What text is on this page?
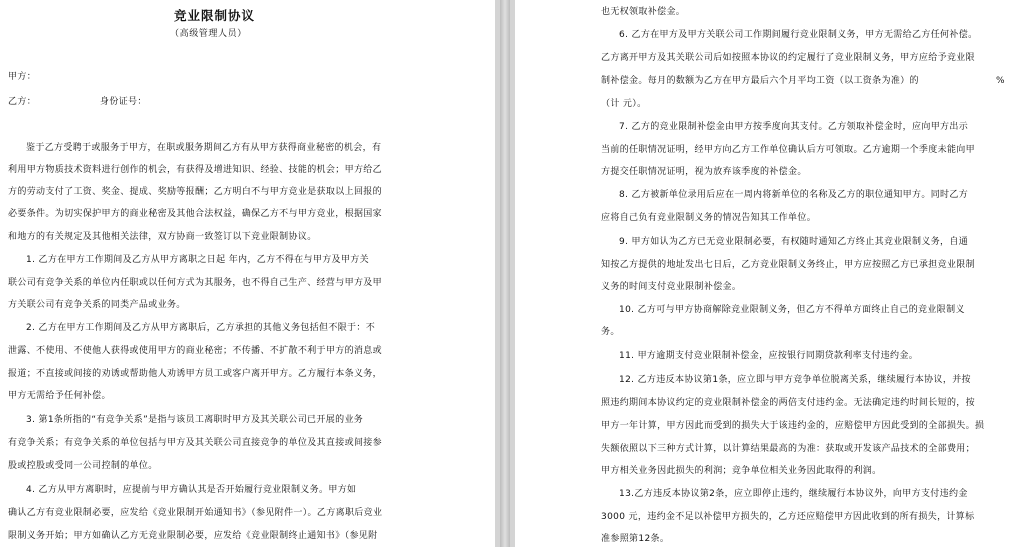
竞业限制协议

（高级管理人员）

甲方：

乙方：	身份证号：

鉴于乙方受聘于或服务于甲方，在职或服务期间乙方有从甲方获得商业秘密的机会，有

利用甲方物质技术资料进行创作的机会，有获得及增进知识、经验、技能的机会；甲方给乙

方的劳动支付了工资、奖金、提成、奖励等报酬；乙方明白不与甲方竞业是获取以上回报的

必要条件。为切实保护甲方的商业秘密及其他合法权益，确保乙方不与甲方竞业，根据国家

和地方的有关规定及其他相关法律，双方协商一致签订以下竞业限制协议。

1. 乙方在甲方工作期间及乙方从甲方离职之日起 年内，乙方不得在与甲方及甲方关

联公司有竞争关系的单位内任职或以任何方式为其服务，也不得自己生产、经营与甲方及甲

方关联公司有竞争关系的同类产品或业务。

2. 乙方在甲方工作期间及乙方从甲方离职后，乙方承担的其他义务包括但不限于：不

泄露、不使用、不使他人获得或使用甲方的商业秘密；不传播、不扩散不利于甲方的消息或

报道；不直接或间接的劝诱或帮助他人劝诱甲方员工或客户离开甲方。乙方履行本条义务，

甲方无需给予任何补偿。

3. 第1条所指的“有竞争关系”是指与该员工离职时甲方及其关联公司已开展的业务

有竞争关系；有竞争关系的单位包括与甲方及其关联公司直接竞争的单位及其直接或间接参

股或控股或受同一公司控制的单位。

4. 乙方从甲方离职时，应提前与甲方确认其是否开始履行竞业限制义务。甲方如

确认乙方有竞业限制必要，应发给《竞业限制开始通知书》（参见附件一）。乙方离职后竞业

限制义务开始；甲方如确认乙方无竞业限制必要，应发给《竞业限制终止通知书》（参见附

也无权领取补偿金。

6. 乙方在甲方及甲方关联公司工作期间履行竞业限制义务，甲方无需给乙方任何补偿。

乙方离开甲方及其关联公司后如按照本协议的约定履行了竞业限制义务，甲方应给予竞业限

制补偿金。每月的数额为乙方在甲方最后六个月平均工资（以工资条为准）的	%

（计 元）。

7. 乙方的竞业限制补偿金由甲方按季度向其支付。乙方领取补偿金时，应向甲方出示

当前的任职情况证明，经甲方向乙方工作单位确认后方可领取。乙方逾期一个季度未能向甲

方提交任职情况证明，视为放弃该季度的补偿金。

8. 乙方被新单位录用后应在一周内将新单位的名称及乙方的职位通知甲方。同时乙方

应将自己负有竞业限制义务的情况告知其工作单位。

9. 甲方如认为乙方已无竞业限制必要，有权随时通知乙方终止其竞业限制义务，自通

知按乙方提供的地址发出七日后，乙方竞业限制义务终止，甲方应按照乙方已承担竞业限制

义务的时间支付竞业限制补偿金。

10. 乙方可与甲方协商解除竞业限制义务，但乙方不得单方面终止自己的竞业限制义

务。

11. 甲方逾期支付竞业限制补偿金，应按银行同期贷款利率支付违约金。

12. 乙方违反本协议第1条，应立即与甲方竞争单位脱离关系，继续履行本协议，并按

照违约期间本协议约定的竞业限制补偿金的两倍支付违约金。无法确定违约时间长短的，按

甲方一年计算，甲方因此而受到的损失大于该违约金的，应赔偿甲方因此受到的全部损失。损

失额依照以下三种方式计算，以计算结果最高的为准：获取或开发该产品技术的全部费用；

甲方相关业务因此损失的利润；竞争单位相关业务因此取得的利润。

13.乙方违反本协议第2条，应立即停止违约，继续履行本协议外，向甲方支付违约金

3000 元，违约金不足以补偿甲方损失的，乙方还应赔偿甲方因此收到的所有损失，计算标

准参照第12条。
